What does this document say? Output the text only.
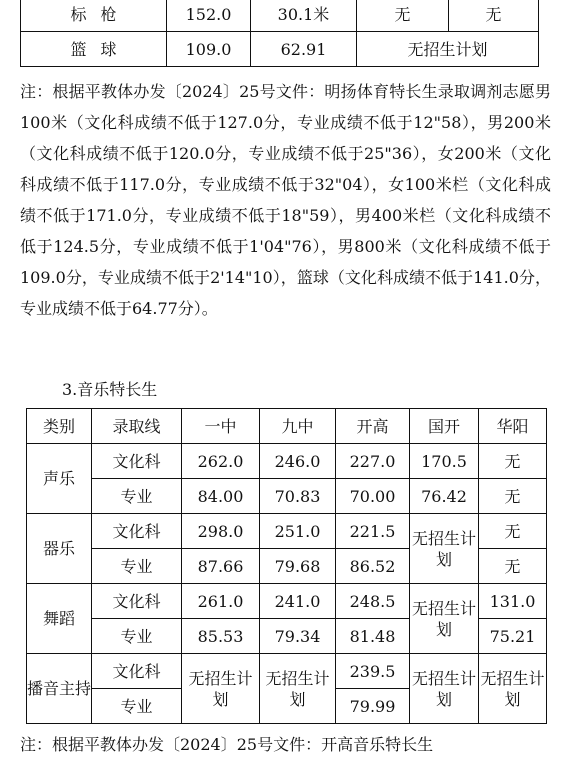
标枪	152.0	30.1米	无	无
篮球	109.0	62.91	无招生计划	

注：根据平教体办发〔2024〕25号文件：明扬体育特长生录取调剂志愿男100米（文化科成绩不低于127.0分，专业成绩不低于12"58），男200米（文化科成绩不低于120.0分，专业成绩不低于25"36），女200米（文化科成绩不低于117.0分，专业成绩不低于32"04），女100米栏（文化科成绩不低于171.0分，专业成绩不低于18"59），男400米栏（文化科成绩不低于124.5分，专业成绩不低于1'04"76），男800米（文化科成绩不低于109.0分，专业成绩不低于2'14"10），篮球（文化科成绩不低于141.0分，专业成绩不低于64.77分）。

3.音乐特长生

类别	录取线	一中	九中	开高	国开	华阳
声乐	文化科	262.0	246.0	227.0	170.5	无
	专业	84.00	70.83	70.00	76.42	无
器乐	文化科	298.0	251.0	221.5	无招生计划	无
	专业	87.66	79.68	86.52		无
舞蹈	文化科	261.0	241.0	248.5	无招生计划	131.0
	专业	85.53	79.34	81.48		75.21
播音主持	文化科	无招生计划	无招生计划	239.5	无招生计划	无招生计划
	专业			79.99		

注：根据平教体办发〔2024〕25号文件：开高音乐特长生
